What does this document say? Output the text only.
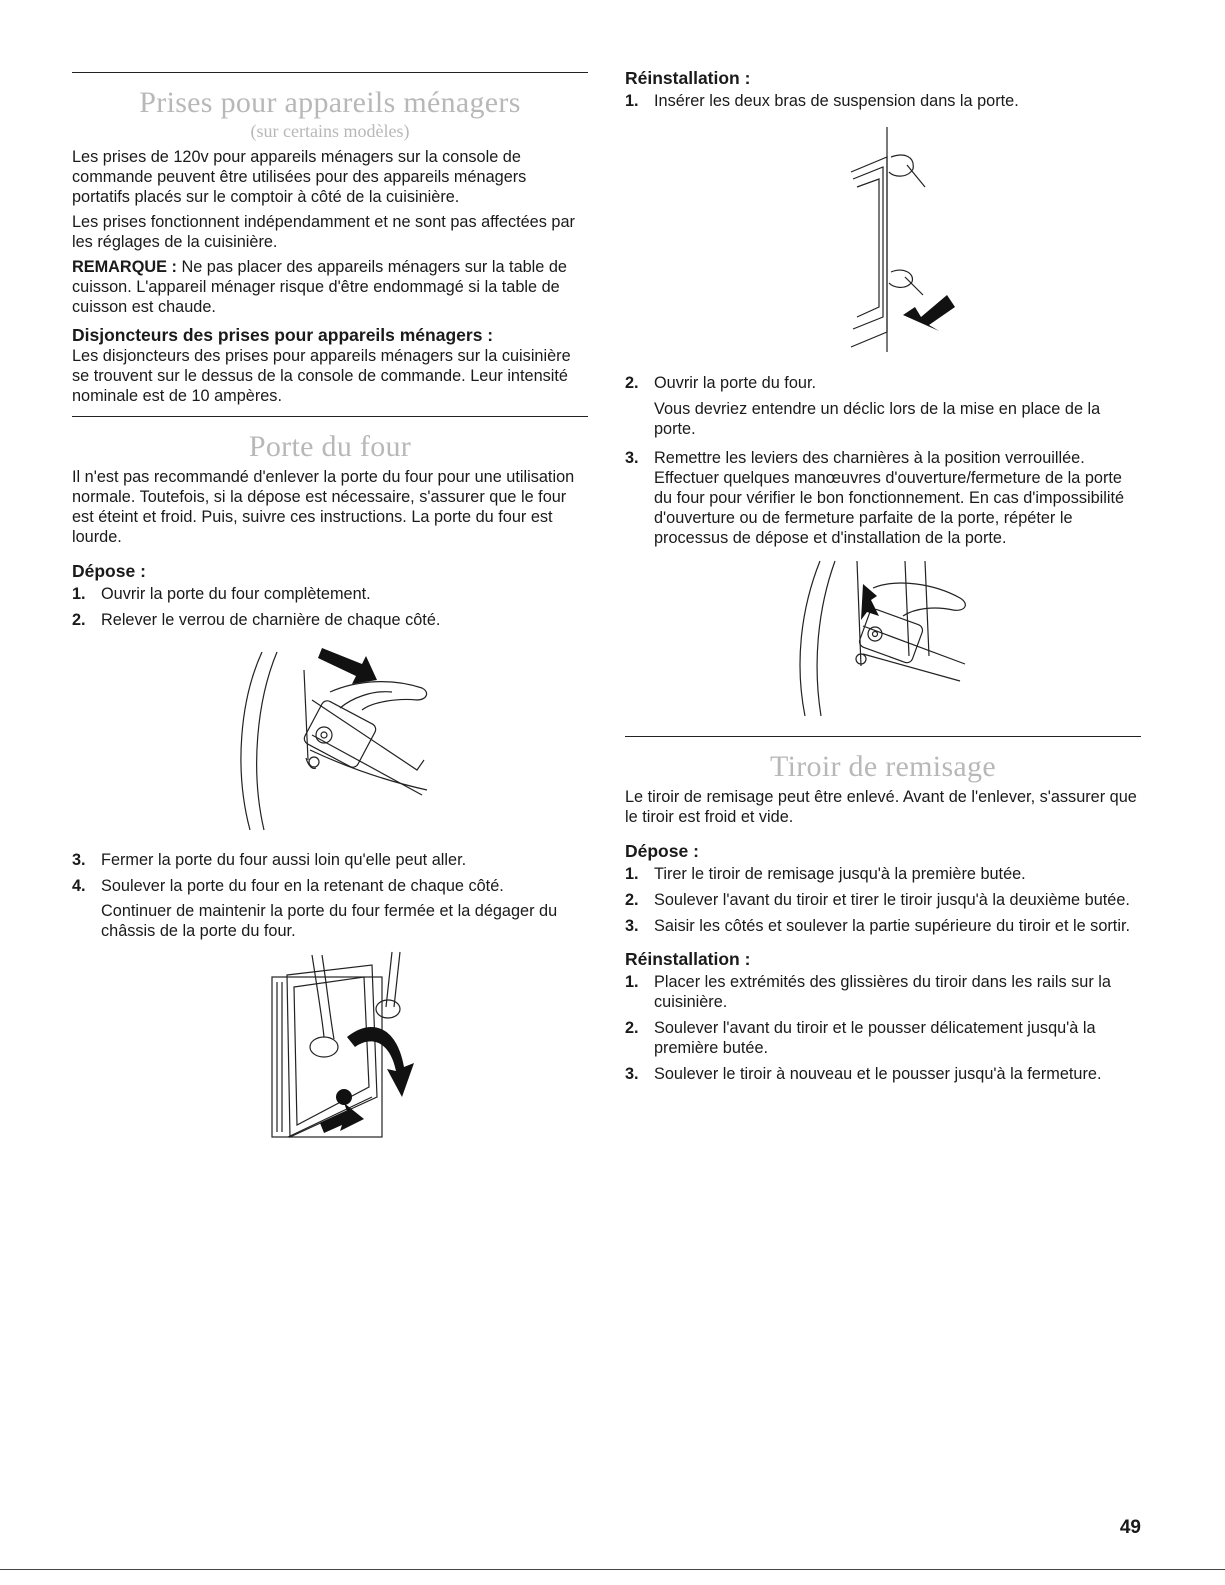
Prises pour appareils ménagers
(sur certains modèles)

Les prises de 120v pour appareils ménagers sur la console de commande peuvent être utilisées pour des appareils ménagers portatifs placés sur le comptoir à côté de la cuisinière.

Les prises fonctionnent indépendamment et ne sont pas affectées par les réglages de la cuisinière.

REMARQUE : Ne pas placer des appareils ménagers sur la table de cuisson. L'appareil ménager risque d'être endommagé si la table de cuisson est chaude.

Disjoncteurs des prises pour appareils ménagers :

Les disjoncteurs des prises pour appareils ménagers sur la cuisinière se trouvent sur le dessus de la console de commande. Leur intensité nominale est de 10 ampères.

Porte du four

Il n'est pas recommandé d'enlever la porte du four pour une utilisation normale. Toutefois, si la dépose est nécessaire, s'assurer que le four est éteint et froid. Puis, suivre ces instructions. La porte du four est lourde.

Dépose :
1. Ouvrir la porte du four complètement.
2. Relever le verrou de charnière de chaque côté.
3. Fermer la porte du four aussi loin qu'elle peut aller.
4. Soulever la porte du four en la retenant de chaque côté.

Continuer de maintenir la porte du four fermée et la dégager du châssis de la porte du four.

Réinstallation :
1. Insérer les deux bras de suspension dans la porte.
2. Ouvrir la porte du four.

Vous devriez entendre un déclic lors de la mise en place de la porte.

3. Remettre les leviers des charnières à la position verrouillée. Effectuer quelques manœuvres d'ouverture/fermeture de la porte du four pour vérifier le bon fonctionnement. En cas d'impossibilité d'ouverture ou de fermeture parfaite de la porte, répéter le processus de dépose et d'installation de la porte.
Tiroir de remisage

Le tiroir de remisage peut être enlevé. Avant de l'enlever, s'assurer que le tiroir est froid et vide.

Dépose :
1. Tirer le tiroir de remisage jusqu'à la première butée.
2. Soulever l'avant du tiroir et tirer le tiroir jusqu'à la deuxième butée.
3. Saisir les côtés et soulever la partie supérieure du tiroir et le sortir.
Réinstallation :
1. Placer les extrémités des glissières du tiroir dans les rails sur la cuisinière.
2. Soulever l'avant du tiroir et le pousser délicatement jusqu'à la première butée.
3. Soulever le tiroir à nouveau et le pousser jusqu'à la fermeture.
49
